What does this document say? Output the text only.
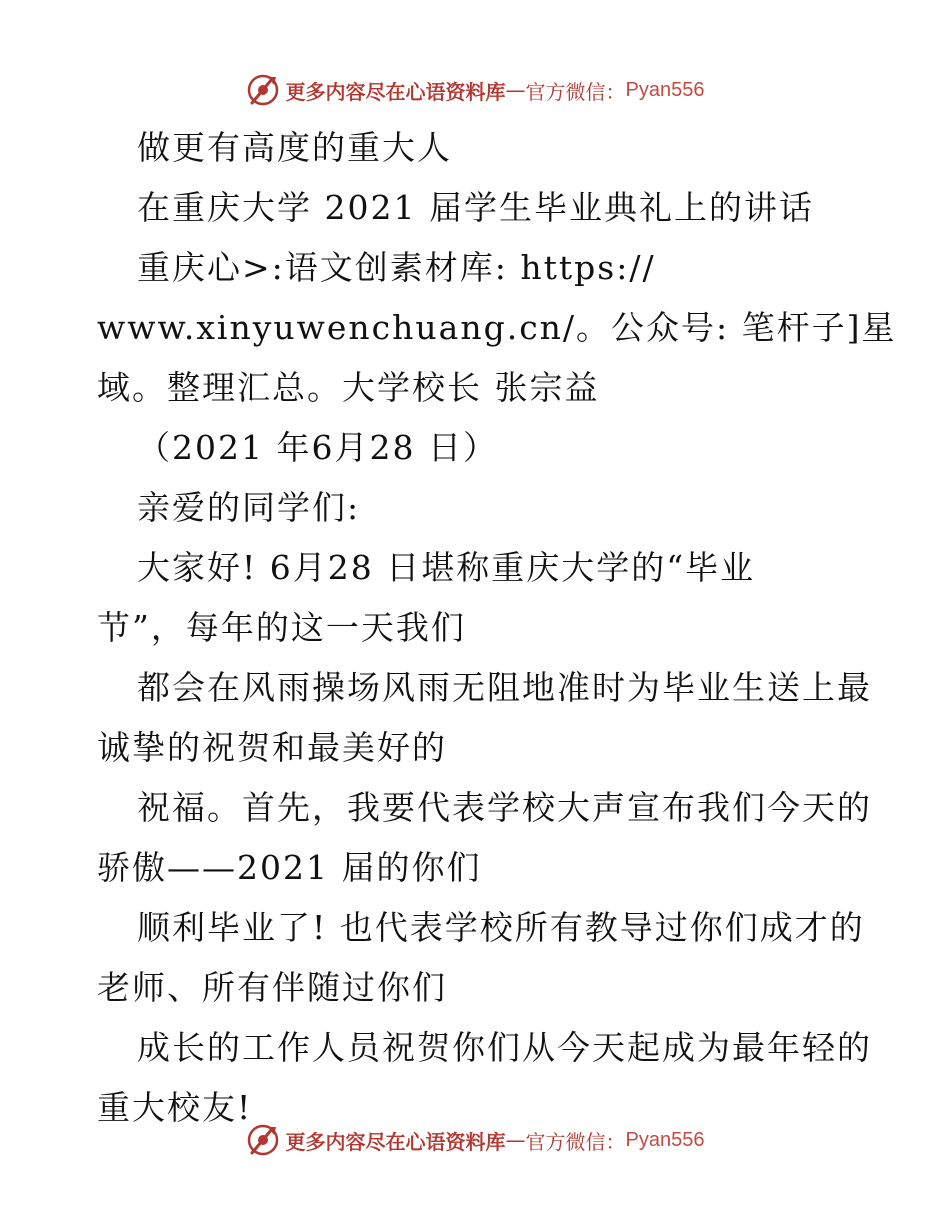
更多内容尽在心语资料库 — 官方微信： Pyan556
做更有高度的重大人
在重庆大学 2021 届学生毕业典礼上的讲话
重庆心>:语文创素材库: https://
www.xinyuwenchuang.cn/。公众号: 笔杆子]星
域。整理汇总。大学校长 张宗益
（2021 年6月28 日）
亲爱的同学们:
大家好! 6月28 日堪称重庆大学的“毕业
节”，每年的这一天我们
都会在风雨操场风雨无阻地准时为毕业生送上最
诚挚的祝贺和最美好的
祝福。首先，我要代表学校大声宣布我们今天的
骄傲——2021 届的你们
顺利毕业了! 也代表学校所有教导过你们成才的
老师、所有伴随过你们
成长的工作人员祝贺你们从今天起成为最年轻的
重大校友!
更多内容尽在心语资料库 — 官方微信： Pyan556
